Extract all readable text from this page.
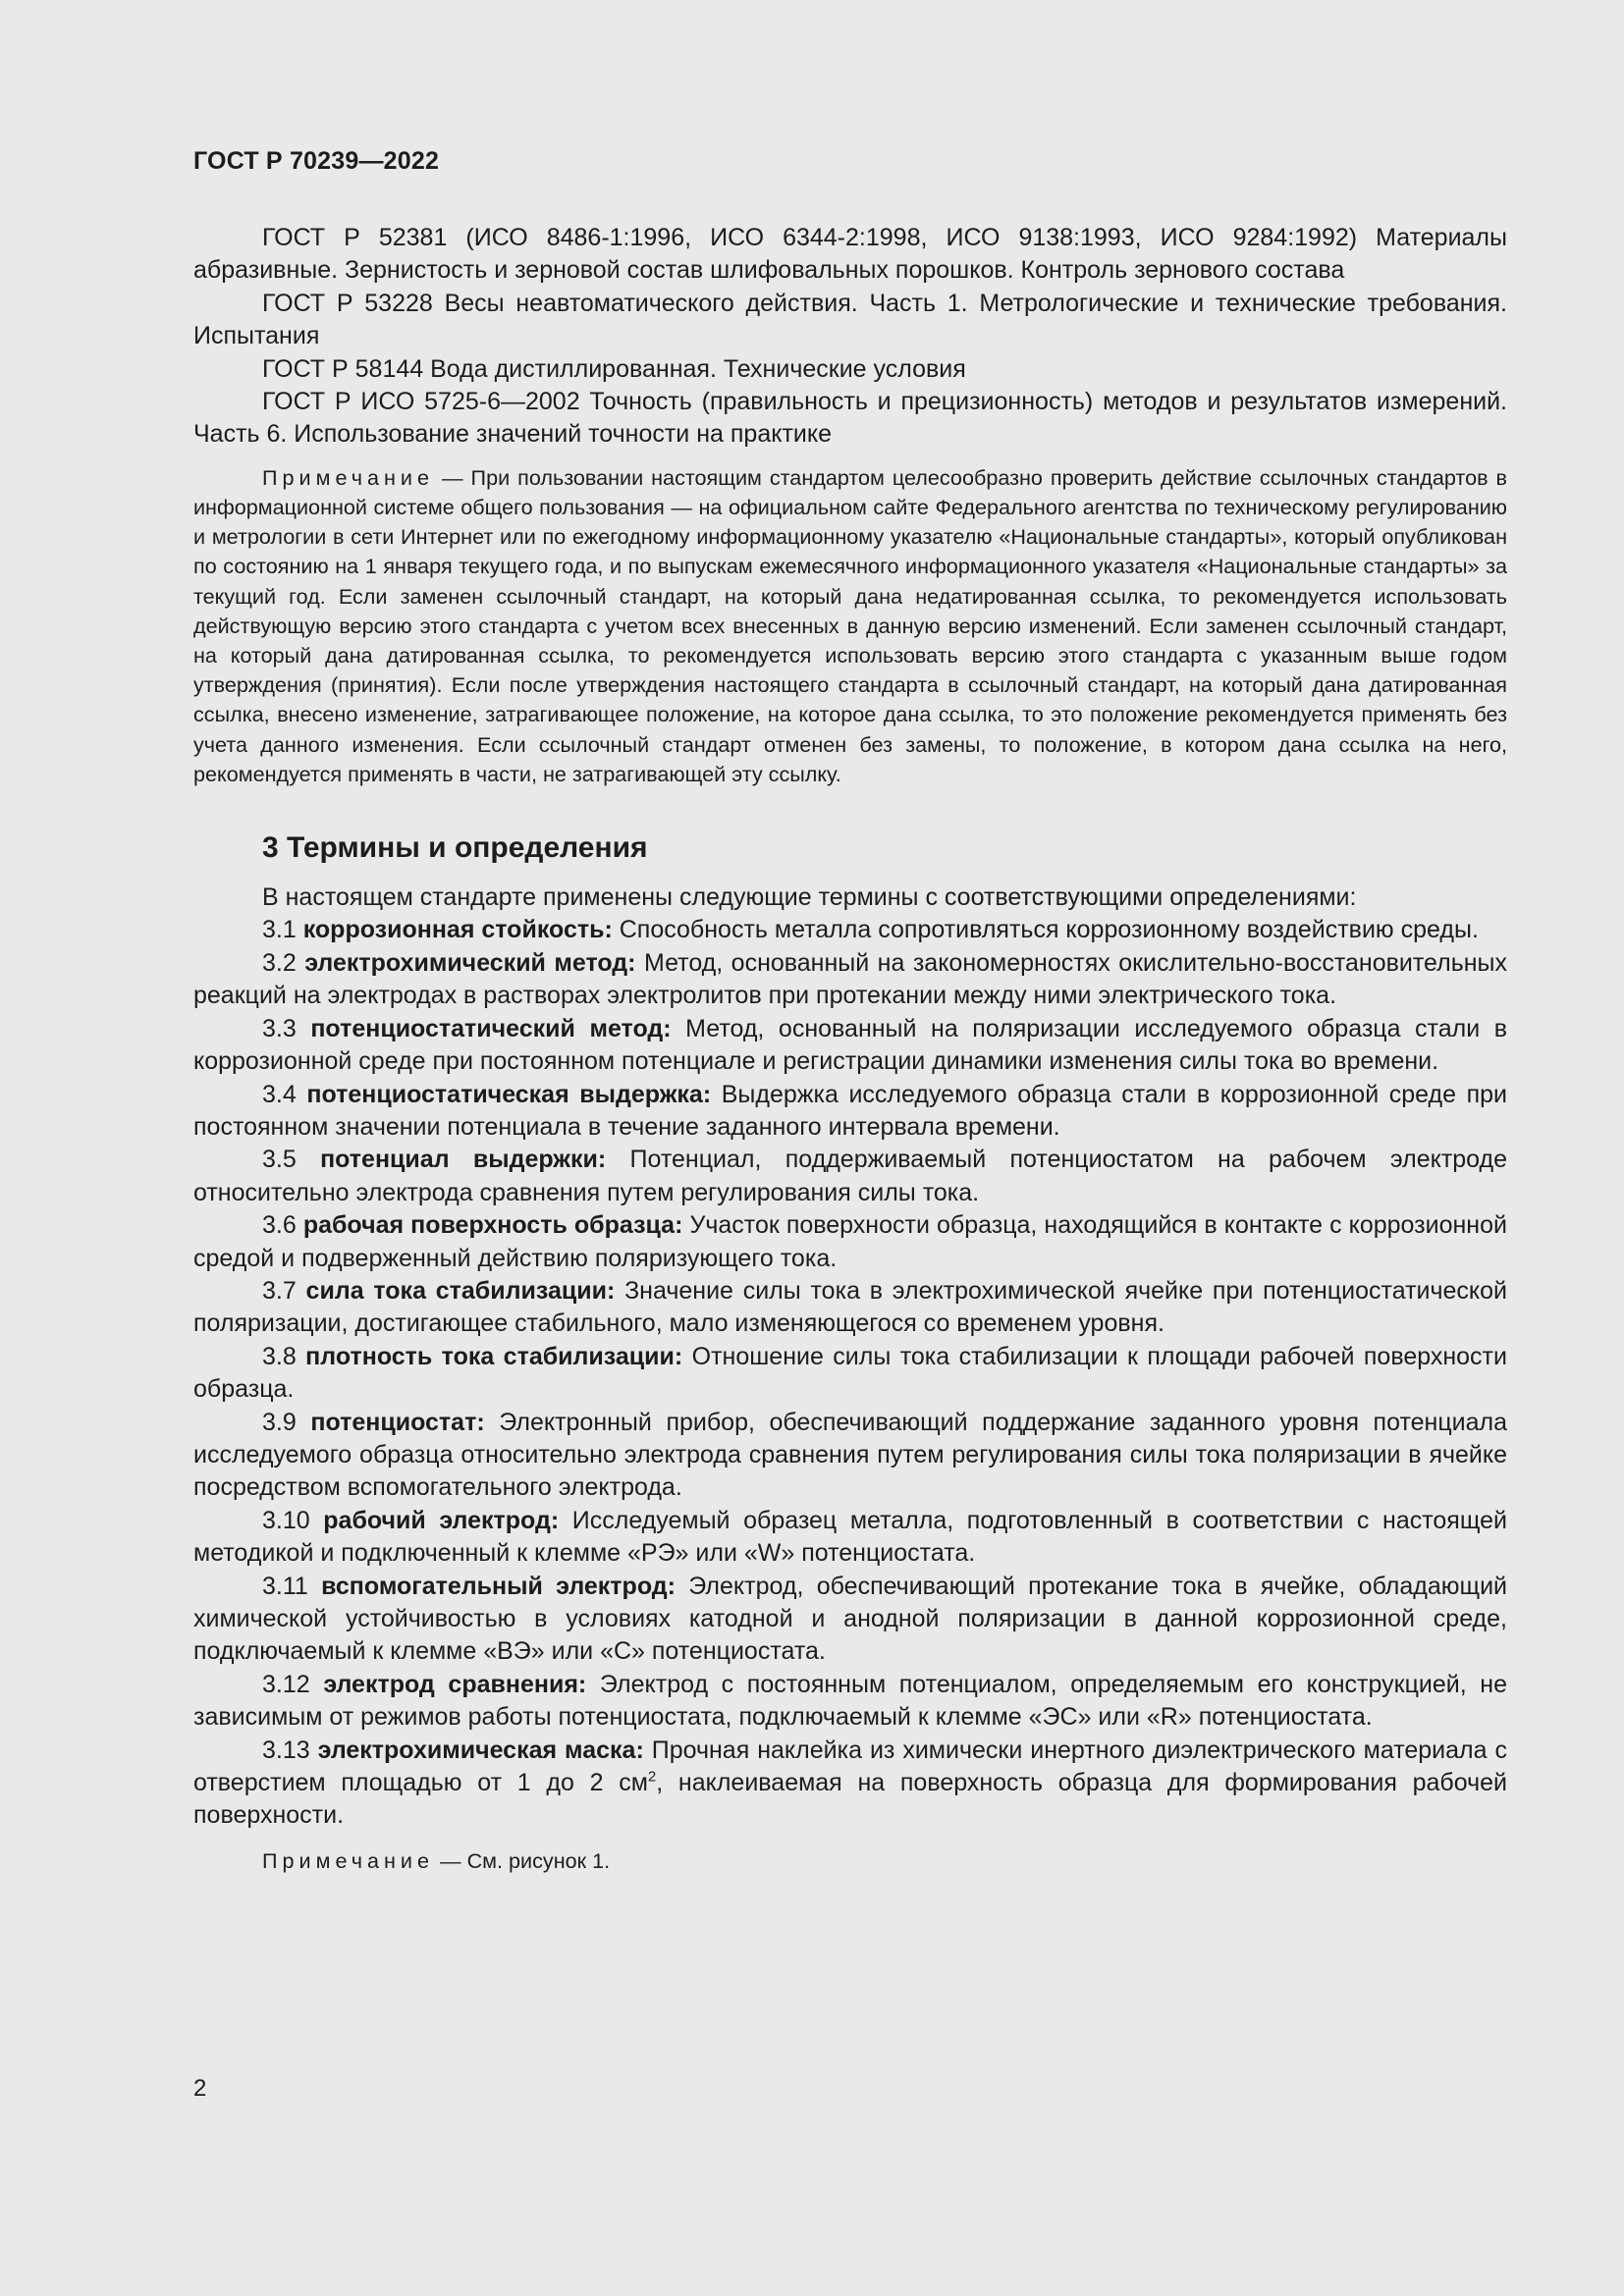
ГОСТ Р 70239—2022

ГОСТ Р 52381 (ИСО 8486-1:1996, ИСО 6344-2:1998, ИСО 9138:1993, ИСО 9284:1992) Материалы абразивные. Зернистость и зерновой состав шлифовальных порошков. Контроль зернового состава

ГОСТ Р 53228 Весы неавтоматического действия. Часть 1. Метрологические и технические требования. Испытания

ГОСТ Р 58144 Вода дистиллированная. Технические условия

ГОСТ Р ИСО 5725-6—2002 Точность (правильность и прецизионность) методов и результатов измерений. Часть 6. Использование значений точности на практике

Примечание — При пользовании настоящим стандартом целесообразно проверить действие ссылочных стандартов в информационной системе общего пользования — на официальном сайте Федерального агентства по техническому регулированию и метрологии в сети Интернет или по ежегодному информационному указателю «Национальные стандарты», который опубликован по состоянию на 1 января текущего года, и по выпускам ежемесячного информационного указателя «Национальные стандарты» за текущий год. Если заменен ссылочный стандарт, на который дана недатированная ссылка, то рекомендуется использовать действующую версию этого стандарта с учетом всех внесенных в данную версию изменений. Если заменен ссылочный стандарт, на который дана датированная ссылка, то рекомендуется использовать версию этого стандарта с указанным выше годом утверждения (принятия). Если после утверждения настоящего стандарта в ссылочный стандарт, на который дана датированная ссылка, внесено изменение, затрагивающее положение, на которое дана ссылка, то это положение рекомендуется применять без учета данного изменения. Если ссылочный стандарт отменен без замены, то положение, в котором дана ссылка на него, рекомендуется применять в части, не затрагивающей эту ссылку.

3 Термины и определения

В настоящем стандарте применены следующие термины с соответствующими определениями:

3.1 коррозионная стойкость: Способность металла сопротивляться коррозионному воздействию среды.

3.2 электрохимический метод: Метод, основанный на закономерностях окислительно-восстановительных реакций на электродах в растворах электролитов при протекании между ними электрического тока.

3.3 потенциостатический метод: Метод, основанный на поляризации исследуемого образца стали в коррозионной среде при постоянном потенциале и регистрации динамики изменения силы тока во времени.

3.4 потенциостатическая выдержка: Выдержка исследуемого образца стали в коррозионной среде при постоянном значении потенциала в течение заданного интервала времени.

3.5 потенциал выдержки: Потенциал, поддерживаемый потенциостатом на рабочем электроде относительно электрода сравнения путем регулирования силы тока.

3.6 рабочая поверхность образца: Участок поверхности образца, находящийся в контакте с коррозионной средой и подверженный действию поляризующего тока.

3.7 сила тока стабилизации: Значение силы тока в электрохимической ячейке при потенциостатической поляризации, достигающее стабильного, мало изменяющегося со временем уровня.

3.8 плотность тока стабилизации: Отношение силы тока стабилизации к площади рабочей поверхности образца.

3.9 потенциостат: Электронный прибор, обеспечивающий поддержание заданного уровня потенциала исследуемого образца относительно электрода сравнения путем регулирования силы тока поляризации в ячейке посредством вспомогательного электрода.

3.10 рабочий электрод: Исследуемый образец металла, подготовленный в соответствии с настоящей методикой и подключенный к клемме «РЭ» или «W» потенциостата.

3.11 вспомогательный электрод: Электрод, обеспечивающий протекание тока в ячейке, обладающий химической устойчивостью в условиях катодной и анодной поляризации в данной коррозионной среде, подключаемый к клемме «ВЭ» или «С» потенциостата.

3.12 электрод сравнения: Электрод с постоянным потенциалом, определяемым его конструкцией, не зависимым от режимов работы потенциостата, подключаемый к клемме «ЭС» или «R» потенциостата.

3.13 электрохимическая маска: Прочная наклейка из химически инертного диэлектрического материала с отверстием площадью от 1 до 2 $см^2$, наклеиваемая на поверхность образца для формирования рабочей поверхности.

Примечание — См. рисунок 1.

2
